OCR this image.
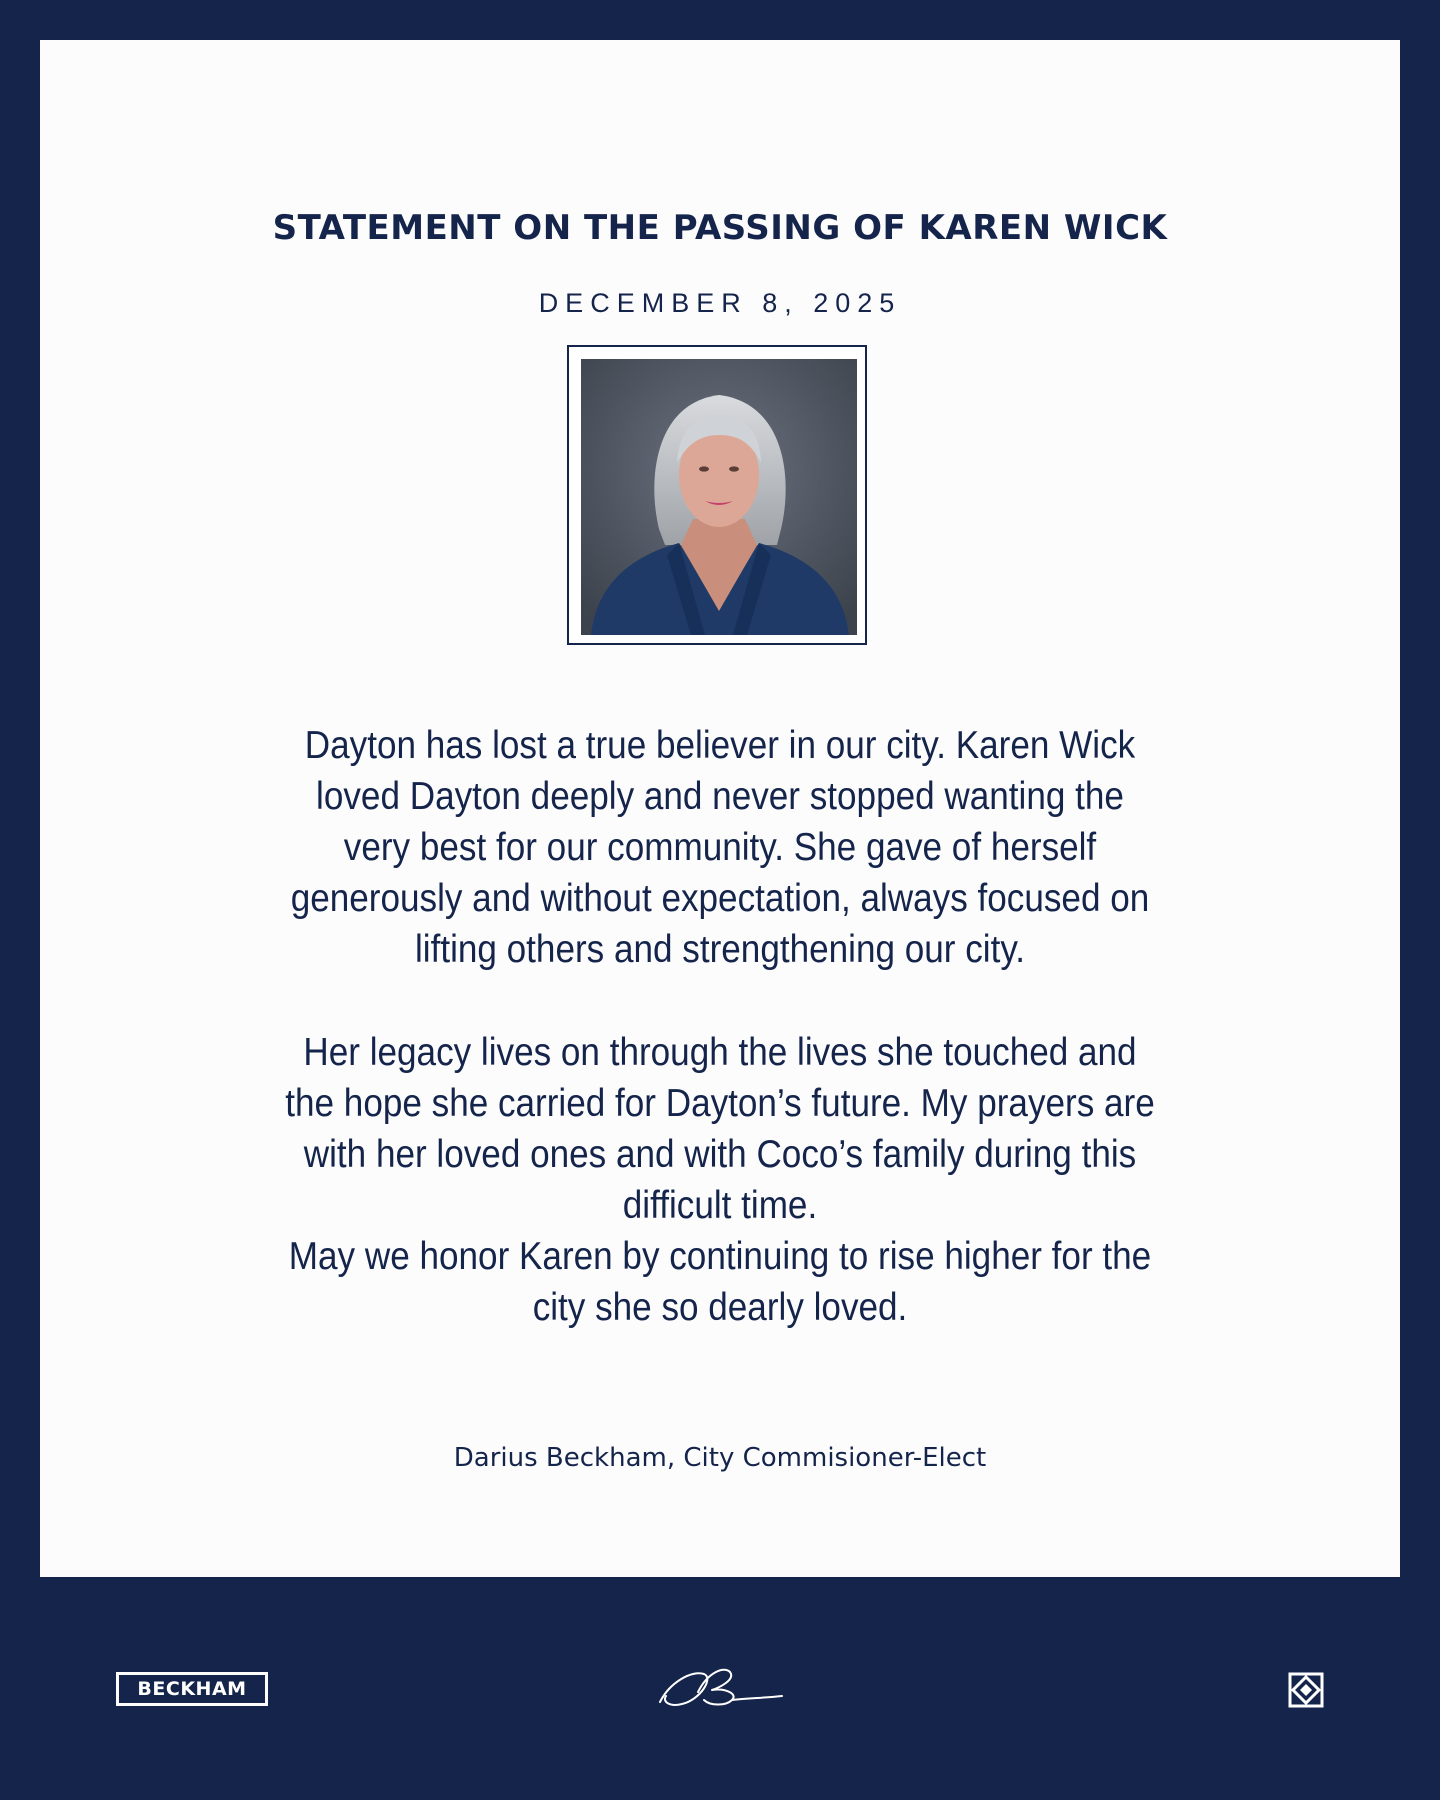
STATEMENT ON THE PASSING OF KAREN WICK
DECEMBER 8, 2025
Dayton has lost a true believer in our city. Karen Wick loved Dayton deeply and never stopped wanting the very best for our community. She gave of herself generously and without expectation, always focused on lifting others and strengthening our city.
Her legacy lives on through the lives she touched and the hope she carried for Dayton’s future. My prayers are with her loved ones and with Coco’s family during this difficult time.
May we honor Karen by continuing to rise higher for the city she so dearly loved.
Darius Beckham, City Commisioner-Elect
BECKHAM
